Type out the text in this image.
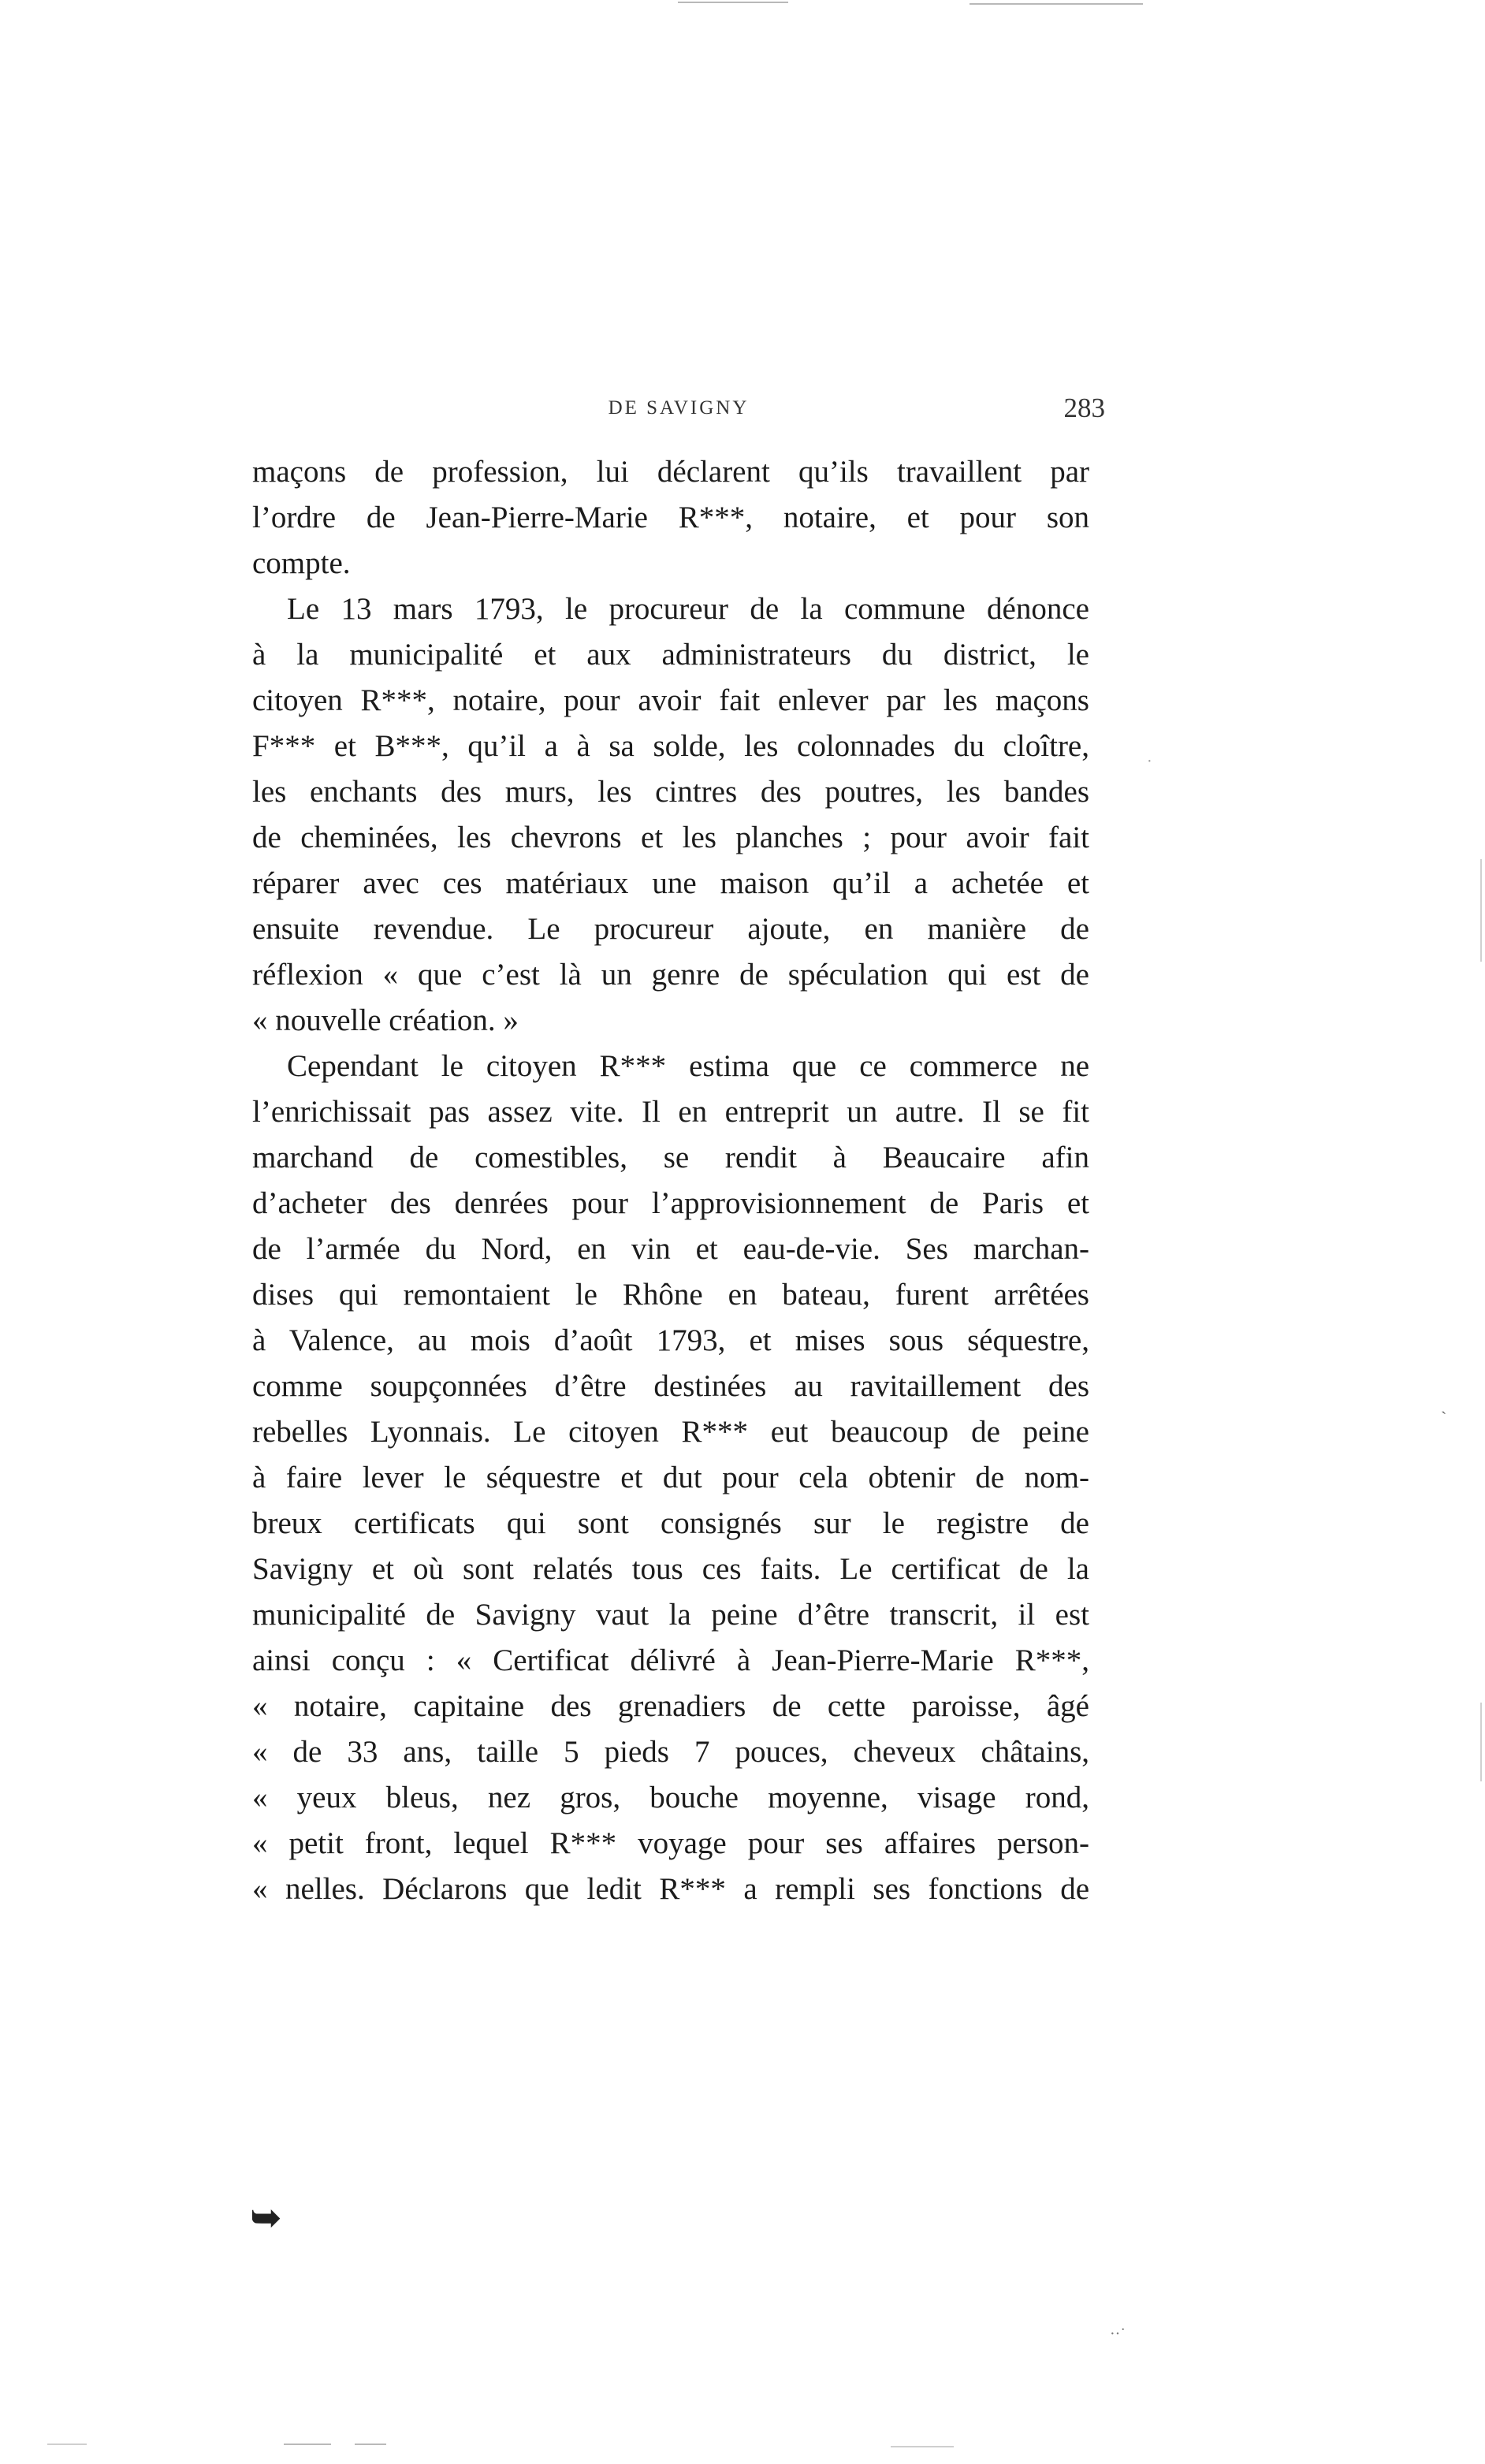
DE SAVIGNY	283
maçons de profession, lui déclarent qu’ils travaillent par
l’ordre de Jean-Pierre-Marie R***, notaire, et pour son
compte.
Le 13 mars 1793, le procureur de la commune dénonce
à la municipalité et aux administrateurs du district, le
citoyen R***, notaire, pour avoir fait enlever par les maçons
F*** et B***, qu’il a à sa solde, les colonnades du cloître,
les enchants des murs, les cintres des poutres, les bandes
de cheminées, les chevrons et les planches ; pour avoir fait
réparer avec ces matériaux une maison qu’il a achetée et
ensuite revendue. Le procureur ajoute, en manière de
réflexion « que c’est là un genre de spéculation qui est de
« nouvelle création. »
Cependant le citoyen R*** estima que ce commerce ne
l’enrichissait pas assez vite. Il en entreprit un autre. Il se fit
marchand de comestibles, se rendit à Beaucaire afin
d’acheter des denrées pour l’approvisionnement de Paris et
de l’armée du Nord, en vin et eau-de-vie. Ses marchan-
dises qui remontaient le Rhône en bateau, furent arrêtées
à Valence, au mois d’août 1793, et mises sous séquestre,
comme soupçonnées d’être destinées au ravitaillement des
rebelles Lyonnais. Le citoyen R*** eut beaucoup de peine
à faire lever le séquestre et dut pour cela obtenir de nom-
breux certificats qui sont consignés sur le registre de
Savigny et où sont relatés tous ces faits. Le certificat de la
municipalité de Savigny vaut la peine d’être transcrit, il est
ainsi conçu : « Certificat délivré à Jean-Pierre-Marie R***,
« notaire, capitaine des grenadiers de cette paroisse, âgé
« de 33 ans, taille 5 pieds 7 pouces, cheveux châtains,
« yeux bleus, nez gros, bouche moyenne, visage rond,
« petit front, lequel R*** voyage pour ses affaires person-
« nelles. Déclarons que ledit R*** a rempli ses fonctions de
➥
··˙
·
ˋ
